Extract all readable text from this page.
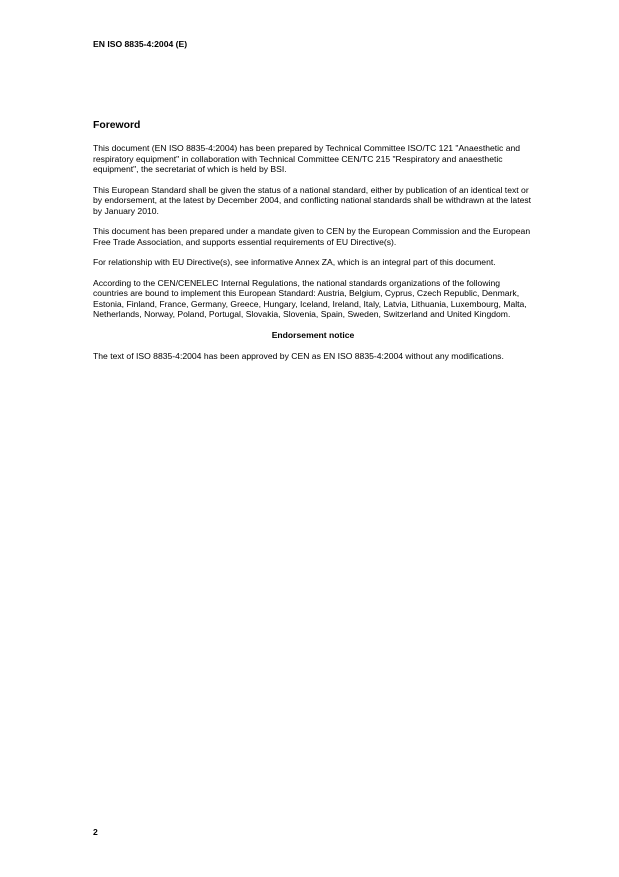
EN ISO 8835-4:2004 (E)
Foreword

This document (EN ISO 8835-4:2004) has been prepared by Technical Committee ISO/TC 121 "Anaesthetic and respiratory equipment" in collaboration with Technical Committee CEN/TC 215 "Respiratory and anaesthetic equipment", the secretariat of which is held by BSI.

This European Standard shall be given the status of a national standard, either by publication of an identical text or by endorsement, at the latest by December 2004, and conflicting national standards shall be withdrawn at the latest by January 2010.

This document has been prepared under a mandate given to CEN by the European Commission and the European Free Trade Association, and supports essential requirements of EU Directive(s).

For relationship with EU Directive(s), see informative Annex ZA, which is an integral part of this document.

According to the CEN/CENELEC Internal Regulations, the national standards organizations of the following countries are bound to implement this European Standard: Austria, Belgium, Cyprus, Czech Republic, Denmark, Estonia, Finland, France, Germany, Greece, Hungary, Iceland, Ireland, Italy, Latvia, Lithuania, Luxembourg, Malta, Netherlands, Norway, Poland, Portugal, Slovakia, Slovenia, Spain, Sweden, Switzerland and United Kingdom.

Endorsement notice

The text of ISO 8835-4:2004 has been approved by CEN as EN ISO 8835-4:2004 without any modifications.

2
